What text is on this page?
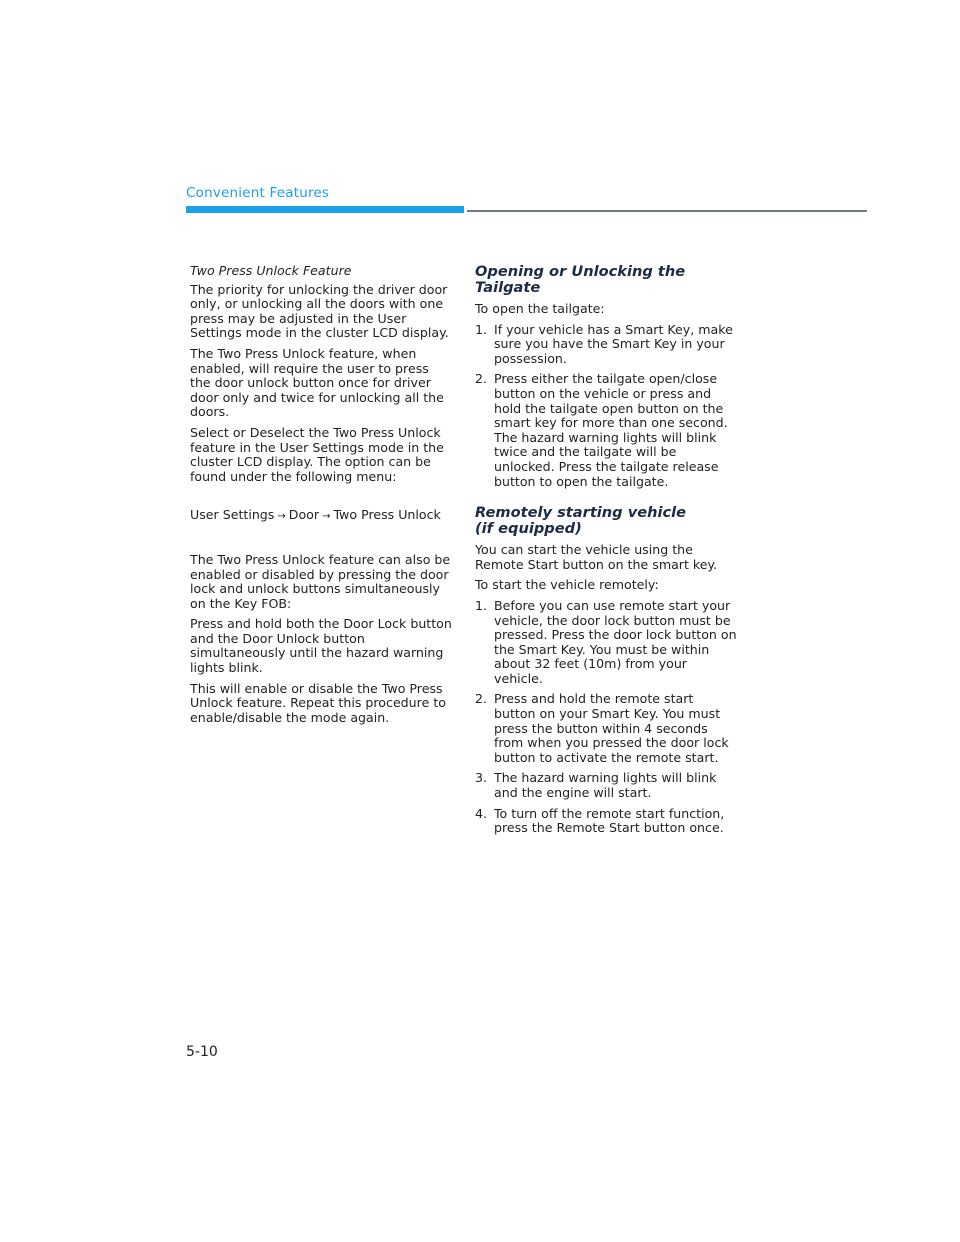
Convenient Features

Two Press Unlock Feature

The priority for unlocking the driver door only, or unlocking all the doors with one press may be adjusted in the User Settings mode in the cluster LCD display.

The Two Press Unlock feature, when enabled, will require the user to press the door unlock button once for driver door only and twice for unlocking all the doors.

Select or Deselect the Two Press Unlock feature in the User Settings mode in the cluster LCD display. The option can be found under the following menu:

User Settings → Door → Two Press Unlock

The Two Press Unlock feature can also be enabled or disabled by pressing the door lock and unlock buttons simultaneously on the Key FOB:

Press and hold both the Door Lock button and the Door Unlock button simultaneously until the hazard warning lights blink.

This will enable or disable the Two Press Unlock feature. Repeat this procedure to enable/disable the mode again.

Opening or Unlocking the Tailgate

To open the tailgate:

1. If your vehicle has a Smart Key, make sure you have the Smart Key in your possession.
2. Press either the tailgate open/close button on the vehicle or press and hold the tailgate open button on the smart key for more than one second. The hazard warning lights will blink twice and the tailgate will be unlocked. Press the tailgate release button to open the tailgate.
Remotely starting vehicle
(if equipped)

You can start the vehicle using the Remote Start button on the smart key.

To start the vehicle remotely:

1. Before you can use remote start your vehicle, the door lock button must be pressed. Press the door lock button on the Smart Key. You must be within about 32 feet (10m) from your vehicle.
2. Press and hold the remote start button on your Smart Key. You must press the button within 4 seconds from when you pressed the door lock button to activate the remote start.
3. The hazard warning lights will blink and the engine will start.
4. To turn off the remote start function, press the Remote Start button once.
5-10
